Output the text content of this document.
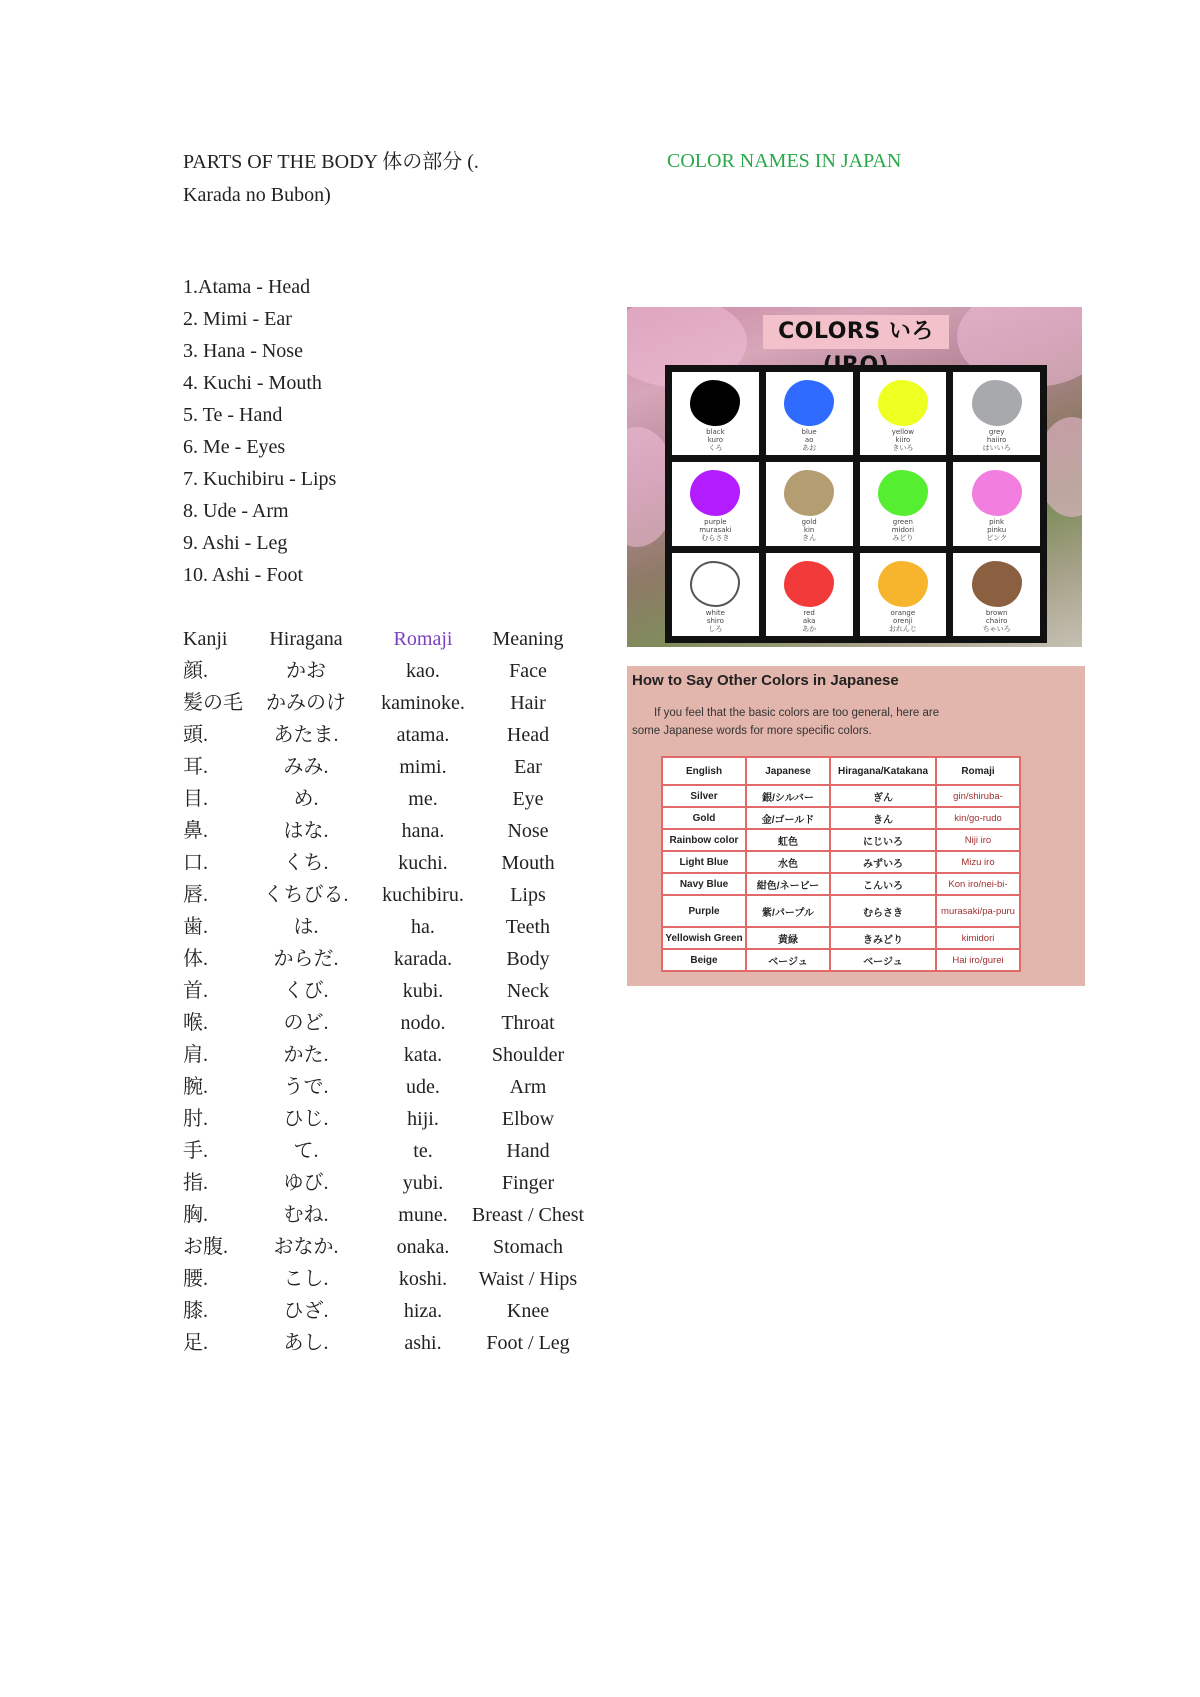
PARTS OF THE BODY 体の部分 (.
Karada no Bubon)
COLOR NAMES IN JAPAN
1.Atama - Head
2. Mimi - Ear
3. Hana - Nose
4. Kuchi - Mouth
5. Te - Hand
6. Me - Eyes
7. Kuchibiru - Lips
8. Ude - Arm
9. Ashi - Leg
10. Ashi - Foot
Kanji	Hiragana	Romaji	Meaning
顔.	かお	kao.	Face
髪の毛	かみのけ	kaminoke.	Hair
頭.	あたま.	atama.	Head
耳.	みみ.	mimi.	Ear
目.	め.	me.	Eye
鼻.	はな.	hana.	Nose
口.	くち.	kuchi.	Mouth
唇.	くちびる.	kuchibiru.	Lips
歯.	は.	ha.	Teeth
体.	からだ.	karada.	Body
首.	くび.	kubi.	Neck
喉.	のど.	nodo.	Throat
肩.	かた.	kata.	Shoulder
腕.	うで.	ude.	Arm
肘.	ひじ.	hiji.	Elbow
手.	て.	te.	Hand
指.	ゆび.	yubi.	Finger
胸.	むね.	mune.	Breast / Chest
お腹.	おなか.	onaka.	Stomach
腰.	こし.	koshi.	Waist / Hips
膝.	ひざ.	hiza.	Knee
足.	あし.	ashi.	Foot / Leg
COLORS いろ
black
kuro
くろ
blue
ao
あお
yellow
kiiro
きいろ
grey
haiiro
はいいろ
purple
murasaki
むらさき
gold
kin
きん
green
midori
みどり
pink
pinku
ピンク
white
shiro
しろ
red
aka
あか
orange
orenji
おれんじ
brown
chairo
ちゃいろ
How to Say Other Colors in Japanese
If you feel that the basic colors are too general, here are some Japanese words for more specific colors.
English	Japanese	Hiragana/Katakana	Romaji
Silver	銀/シルバー	ぎん	gin/shiruba-
Gold	金/ゴールド	きん	kin/go-rudo
Rainbow color	虹色	にじいろ	Niji iro
Light Blue	水色	みずいろ	Mizu iro
Navy Blue	紺色/ネービー	こんいろ	Kon iro/nei-bi-
Purple	紫/パープル	むらさき	murasaki/pa-puru
Yellowish Green	黄緑	きみどり	kimidori
Beige	ベージュ	ベージュ	Hai iro/gurei
